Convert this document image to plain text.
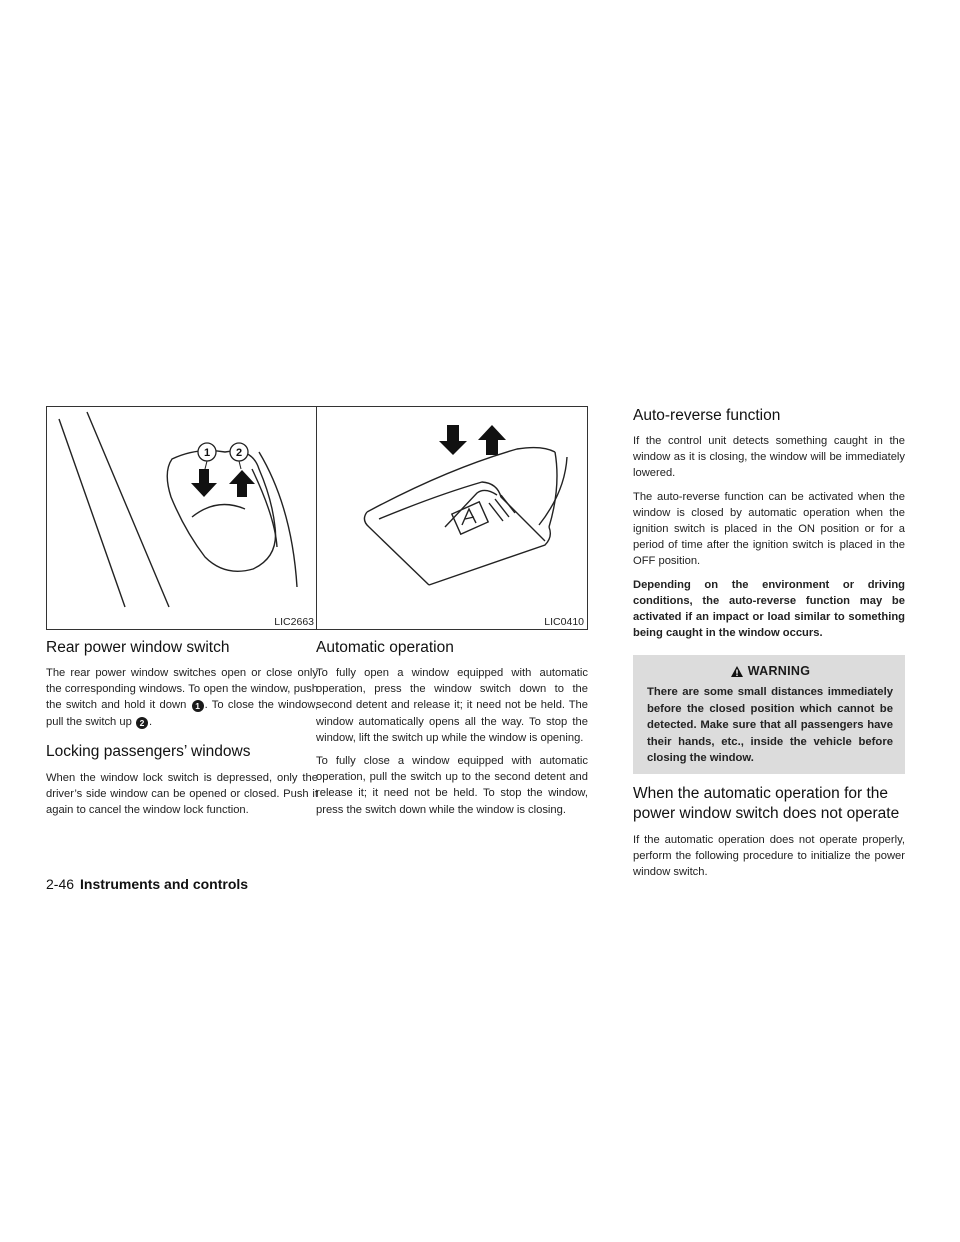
1 2
LIC2663
Rear power window switch

The rear power window switches open or close only the corresponding windows. To open the window, push the switch and hold it down 1 . To close the window, pull the switch up 2 .

Locking passengers’ windows

When the window lock switch is depressed, only the driver’s side window can be opened or closed. Push it again to cancel the window lock function.

LIC0410
Automatic operation

To fully open a window equipped with automatic operation, press the window switch down to the second detent and release it; it need not be held. The window automatically opens all the way. To stop the window, lift the switch up while the window is opening.

To fully close a window equipped with automatic operation, pull the switch up to the second detent and release it; it need not be held. To stop the window, press the switch down while the window is closing.

Auto-reverse function

If the control unit detects something caught in the window as it is closing, the window will be immediately lowered.

The auto-reverse function can be activated when the window is closed by automatic operation when the ignition switch is placed in the ON position or for a period of time after the ignition switch is placed in the OFF position.

Depending on the environment or driving conditions, the auto-reverse function may be activated if an impact or load similar to something being caught in the window occurs.

WARNING

There are some small distances immediately before the closed position which cannot be detected. Make sure that all passengers have their hands, etc., inside the vehicle before closing the window.

When the automatic operation for the power window switch does not operate

If the automatic operation does not operate properly, perform the following procedure to initialize the power window switch.

2-46 Instruments and controls
